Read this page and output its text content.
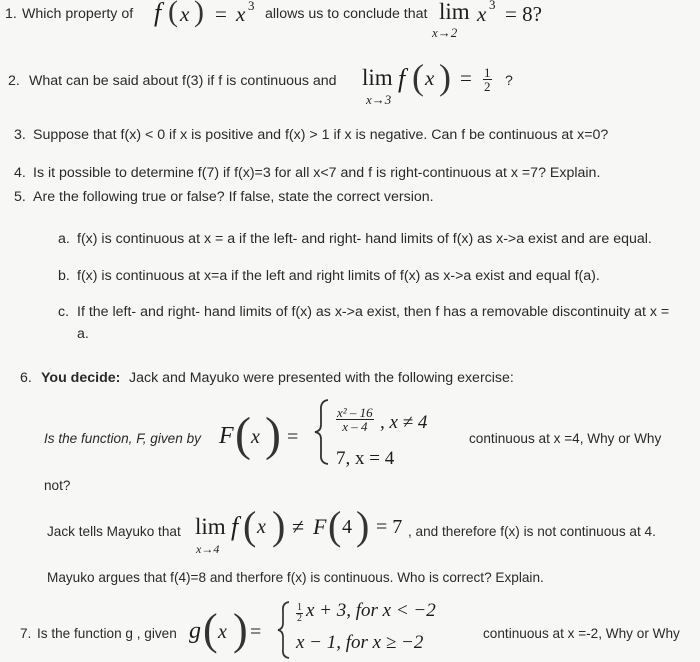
1. Which property of f ( x ) = x 3
allows us to conclude that lim
x→2
x 3 = 8?
2. What can be said about f(3) if f is continuous and lim
x→3
f ( x ) = $\frac{1}{2}$ ?
3. Suppose that f(x) < 0 if x is positive and f(x) > 1 if x is negative. Can f be continuous at x=0?
4. Is it possible to determine f(7) if f(x)=3 for all x<7 and f is right-continuous at x =7? Explain.
5. Are the following true or false? If false, state the correct version.
a. f(x) is continuous at x = a if the left- and right- hand limits of f(x) as x->a exist and are equal.
b. f(x) is continuous at x=a if the left and right limits of f(x) as x->a exist and equal f(a).
c. If the left- and right- hand limits of f(x) as x->a exist, then f has a removable discontinuity at x =
a.
6. You decide: Jack and Mayuko were presented with the following exercise:
Is the function, F, given by F ( x ) =
$\frac{\text{x² – 16}}{x - 4}$ , x ≠ 4
7, x = 4
continuous at x =4, Why or Why
not?
Jack tells Mayuko that lim
x→4
f ( x ) ≠ F ( 4 ) = 7 , and therefore f(x) is not continuous at 4.
Mayuko argues that f(4)=8 and therfore f(x) is continuous. Who is correct? Explain.
7. Is the function g , given g ( x ) =
$\frac{1}{2}$ x + 3, for x < −2
x − 1, for x ≥ −2	continuous at x =-2, Why or Why
